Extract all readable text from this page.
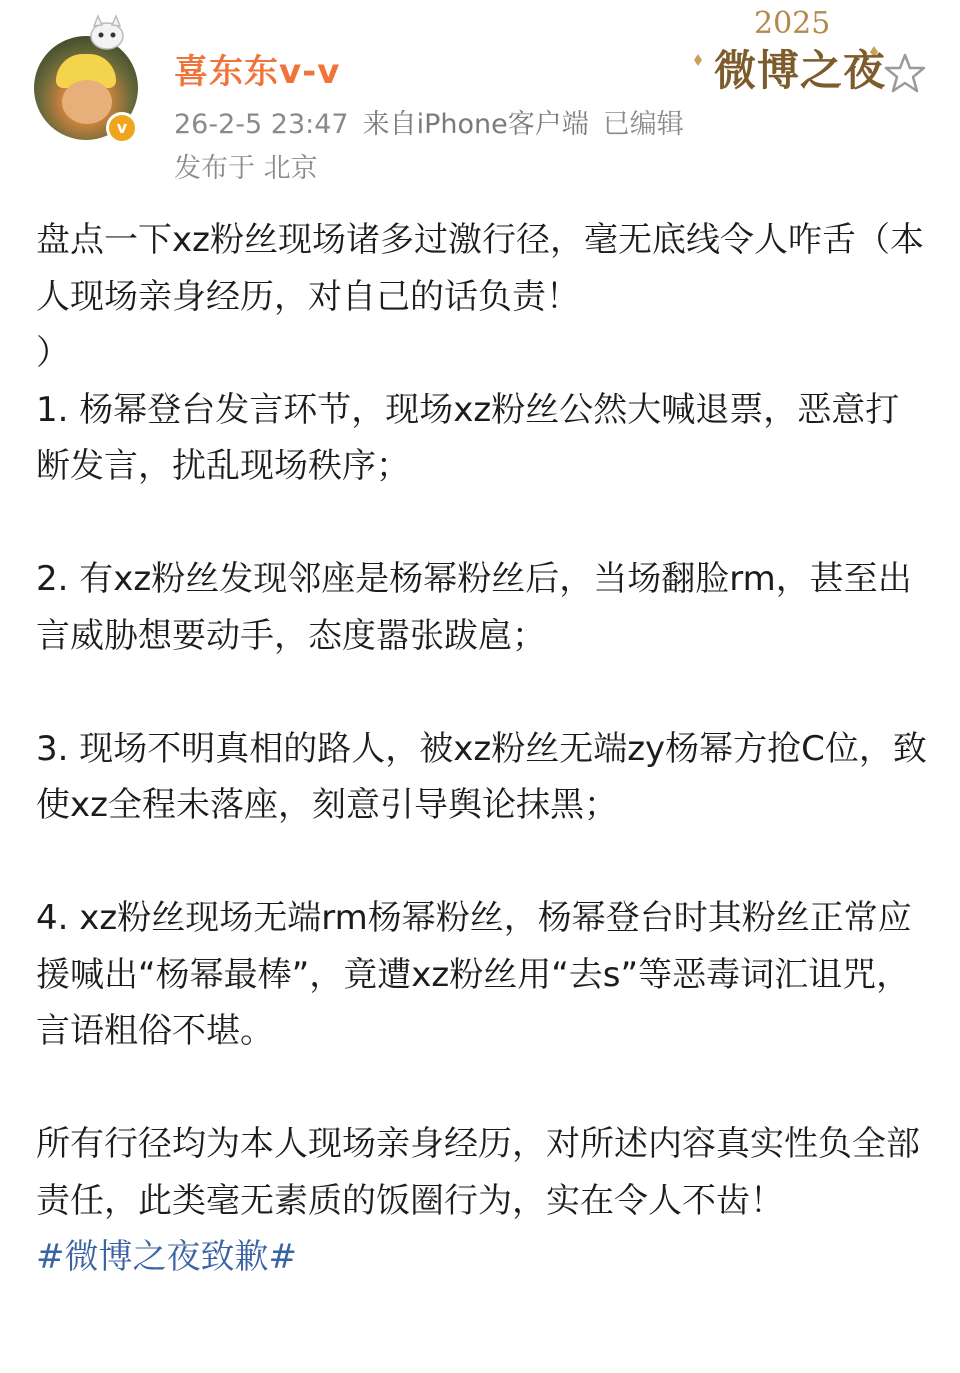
v
喜东东v-v
26-2-5 23:47 来自iPhone客户端 已编辑
发布于 北京
2025
微博之夜
盘点一下xz粉丝现场诸多过激行径，毫无底线令人咋舌（本人现场亲身经历，对自己的话负责！
）
1. 杨幂登台发言环节，现场xz粉丝公然大喊退票，恶意打断发言，扰乱现场秩序；
2. 有xz粉丝发现邻座是杨幂粉丝后，当场翻脸rm，甚至出言威胁想要动手，态度嚣张跋扈；
3. 现场不明真相的路人，被xz粉丝无端zy杨幂方抢C位，致使xz全程未落座，刻意引导舆论抹黑；
4. xz粉丝现场无端rm杨幂粉丝，杨幂登台时其粉丝正常应援喊出“杨幂最棒”，竟遭xz粉丝用“去s”等恶毒词汇诅咒，言语粗俗不堪。
所有行径均为本人现场亲身经历，对所述内容真实性负全部责任，此类毫无素质的饭圈行为，实在令人不齿！
#微博之夜致歉#
